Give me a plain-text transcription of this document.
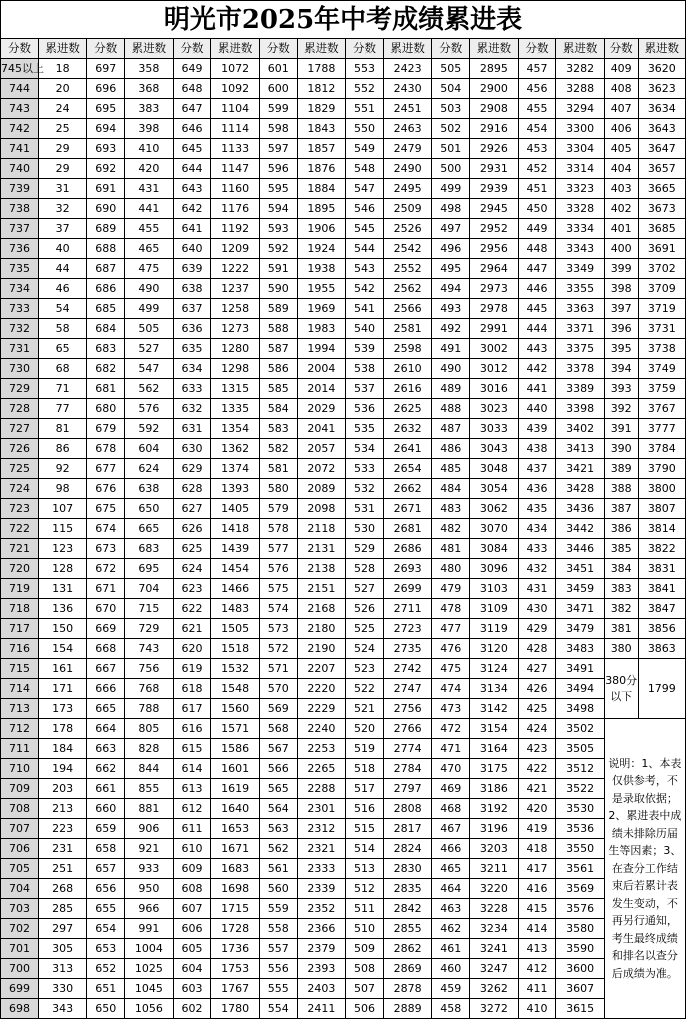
明光市2025年中考成绩累进表
分数	累进数	分数	累进数	分数	累进数	分数	累进数	分数	累进数	分数	累进数	分数	累进数	分数	累进数
745以上	18	697	358	649	1072	601	1788	553	2423	505	2895	457	3282	409	3620
744	20	696	368	648	1092	600	1812	552	2430	504	2900	456	3288	408	3623
743	24	695	383	647	1104	599	1829	551	2451	503	2908	455	3294	407	3634
742	25	694	398	646	1114	598	1843	550	2463	502	2916	454	3300	406	3643
741	29	693	410	645	1133	597	1857	549	2479	501	2926	453	3304	405	3647
740	29	692	420	644	1147	596	1876	548	2490	500	2931	452	3314	404	3657
739	31	691	431	643	1160	595	1884	547	2495	499	2939	451	3323	403	3665
738	32	690	441	642	1176	594	1895	546	2509	498	2945	450	3328	402	3673
737	37	689	455	641	1192	593	1906	545	2526	497	2952	449	3334	401	3685
736	40	688	465	640	1209	592	1924	544	2542	496	2956	448	3343	400	3691
735	44	687	475	639	1222	591	1938	543	2552	495	2964	447	3349	399	3702
734	46	686	490	638	1237	590	1955	542	2562	494	2973	446	3355	398	3709
733	54	685	499	637	1258	589	1969	541	2566	493	2978	445	3363	397	3719
732	58	684	505	636	1273	588	1983	540	2581	492	2991	444	3371	396	3731
731	65	683	527	635	1280	587	1994	539	2598	491	3002	443	3375	395	3738
730	68	682	547	634	1298	586	2004	538	2610	490	3012	442	3378	394	3749
729	71	681	562	633	1315	585	2014	537	2616	489	3016	441	3389	393	3759
728	77	680	576	632	1335	584	2029	536	2625	488	3023	440	3398	392	3767
727	81	679	592	631	1354	583	2041	535	2632	487	3033	439	3402	391	3777
726	86	678	604	630	1362	582	2057	534	2641	486	3043	438	3413	390	3784
725	92	677	624	629	1374	581	2072	533	2654	485	3048	437	3421	389	3790
724	98	676	638	628	1393	580	2089	532	2662	484	3054	436	3428	388	3800
723	107	675	650	627	1405	579	2098	531	2671	483	3062	435	3436	387	3807
722	115	674	665	626	1418	578	2118	530	2681	482	3070	434	3442	386	3814
721	123	673	683	625	1439	577	2131	529	2686	481	3084	433	3446	385	3822
720	128	672	695	624	1454	576	2138	528	2693	480	3096	432	3451	384	3831
719	131	671	704	623	1466	575	2151	527	2699	479	3103	431	3459	383	3841
718	136	670	715	622	1483	574	2168	526	2711	478	3109	430	3471	382	3847
717	150	669	729	621	1505	573	2180	525	2723	477	3119	429	3479	381	3856
716	154	668	743	620	1518	572	2190	524	2735	476	3120	428	3483	380	3863
715	161	667	756	619	1532	571	2207	523	2742	475	3124	427	3491	380分以下	1799
714	171	666	768	618	1548	570	2220	522	2747	474	3134	426	3494		
713	173	665	788	617	1560	569	2229	521	2756	473	3142	425	3498		
712	178	664	805	616	1571	568	2240	520	2766	472	3154	424	3502	说明：1、本表仅供参考，不是录取依据；2、累进表中成绩未排除历届生等因素；3、在查分工作结束后若累计表发生变动，不再另行通知，考生最终成绩和排名以查分后成绩为准。	
711	184	663	828	615	1586	567	2253	519	2774	471	3164	423	3505		
710	194	662	844	614	1601	566	2265	518	2784	470	3175	422	3512		
709	203	661	855	613	1619	565	2288	517	2797	469	3186	421	3522		
708	213	660	881	612	1640	564	2301	516	2808	468	3192	420	3530		
707	223	659	906	611	1653	563	2312	515	2817	467	3196	419	3536		
706	231	658	921	610	1671	562	2321	514	2824	466	3203	418	3550		
705	251	657	933	609	1683	561	2333	513	2830	465	3211	417	3561		
704	268	656	950	608	1698	560	2339	512	2835	464	3220	416	3569		
703	285	655	966	607	1715	559	2352	511	2842	463	3228	415	3576		
702	297	654	991	606	1728	558	2366	510	2855	462	3234	414	3580		
701	305	653	1004	605	1736	557	2379	509	2862	461	3241	413	3590		
700	313	652	1025	604	1753	556	2393	508	2869	460	3247	412	3600		
699	330	651	1045	603	1767	555	2403	507	2878	459	3262	411	3607		
698	343	650	1056	602	1780	554	2411	506	2889	458	3272	410	3615		
